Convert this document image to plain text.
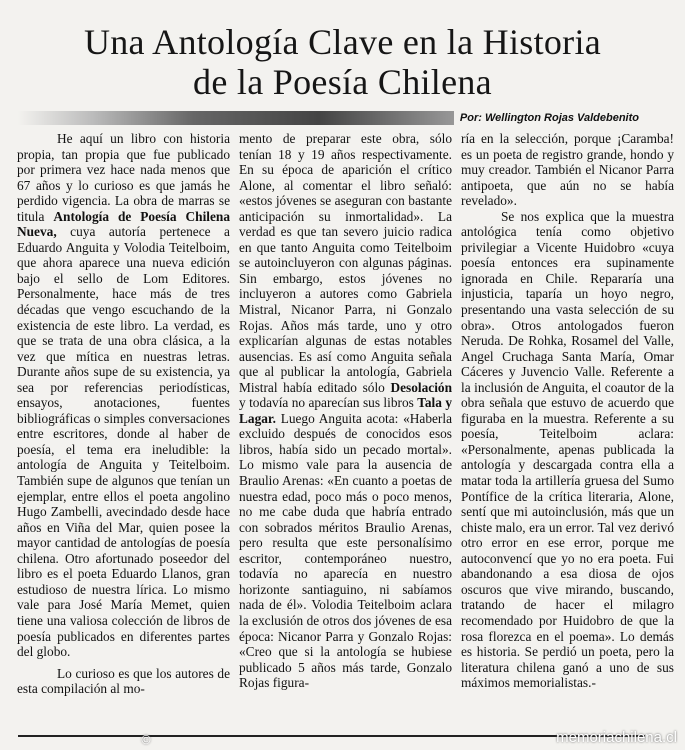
Una Antología Clave en la Historia
de la Poesía Chilena
Por: Wellington Rojas Valdebenito

He aquí un libro con historia propia, tan propia que fue publicado por primera vez hace nada menos que 67 años y lo curioso es que jamás he perdido vigencia. La obra de marras se titula Antología de Poesía Chilena Nueva, cuya autoría pertenece a Eduardo Anguita y Volodia Teitelboim, que ahora aparece una nueva edición bajo el sello de Lom Editores. Personalmente, hace más de tres décadas que vengo escuchando de la existencia de este libro. La verdad, es que se trata de una obra clásica, a la vez que mítica en nuestras letras. Durante años supe de su existencia, ya sea por referencias periodísticas, ensayos, anotaciones, fuentes bibliográficas o simples conversaciones entre escritores, donde al haber de poesía, el tema era ineludible: la antología de Anguita y Teitelboim. También supe de algunos que tenían un ejemplar, entre ellos el poeta angolino Hugo Zambelli, avecindado desde hace años en Viña del Mar, quien posee la mayor cantidad de antologías de poesía chilena. Otro afortunado poseedor del libro es el poeta Eduardo Llanos, gran estudioso de nuestra lírica. Lo mismo vale para José María Memet, quien tiene una valiosa colección de libros de poesía publicados en diferentes partes del globo.

Lo curioso es que los autores de esta compilación al mo-

mento de preparar este obra, sólo tenían 18 y 19 años respectivamente. En su época de aparición el crítico Alone, al comentar el libro señaló: «estos jóvenes se aseguran con bastante anticipación su inmortalidad». La verdad es que tan severo juicio radica en que tanto Anguita como Teitelboim se autoincluyeron con algunas páginas. Sin embargo, estos jóvenes no incluyeron a autores como Gabriela Mistral, Nicanor Parra, ni Gonzalo Rojas. Años más tarde, uno y otro explicarían algunas de estas notables ausencias. Es así como Anguita señala que al publicar la antología, Gabriela Mistral había editado sólo Desolación y todavía no aparecían sus libros Tala y Lagar. Luego Anguita acota: «Haberla excluido después de conocidos esos libros, había sido un pecado mortal». Lo mismo vale para la ausencia de Braulio Arenas: «En cuanto a poetas de nuestra edad, poco más o poco menos, no me cabe duda que habría entrado con sobrados méritos Braulio Arenas, pero resulta que este personalísimo escritor, contemporáneo nuestro, todavía no aparecía en nuestro horizonte santiaguino, ni sabíamos nada de él». Volodia Teitelboim aclara la exclusión de otros dos jóvenes de esa época: Nicanor Parra y Gonzalo Rojas: «Creo que si la antología se hubiese publicado 5 años más tarde, Gonzalo Rojas figura-

ría en la selección, porque ¡Caramba! es un poeta de registro grande, hondo y muy creador. También el Nicanor Parra antipoeta, que aún no se había revelado».

Se nos explica que la muestra antológica tenía como objetivo privilegiar a Vicente Huidobro «cuya poesía entonces era supinamente ignorada en Chile. Repararía una injusticia, taparía un hoyo negro, presentando una vasta selección de su obra». Otros antologados fueron Neruda. De Rohka, Rosamel del Valle, Angel Cruchaga Santa María, Omar Cáceres y Juvencio Valle. Referente a la inclusión de Anguita, el coautor de la obra señala que estuvo de acuerdo que figuraba en la muestra. Referente a su poesía, Teitelboim aclara: «Personalmente, apenas publicada la antología y descargada contra ella a matar toda la artillería gruesa del Sumo Pontífice de la crítica literaria, Alone, sentí que mi autoinclusión, más que un chiste malo, era un error. Tal vez derivó otro error en ese error, porque me autoconvencí que yo no era poeta. Fui abandonando a esa diosa de ojos oscuros que vive mirando, buscando, tratando de hacer el milagro recomendado por Huidobro de que la rosa florezca en el poema». Lo demás es historia. Se perdió un poeta, pero la literatura chilena ganó a uno de sus máximos memorialistas.-

©	memoriachilena.cl
